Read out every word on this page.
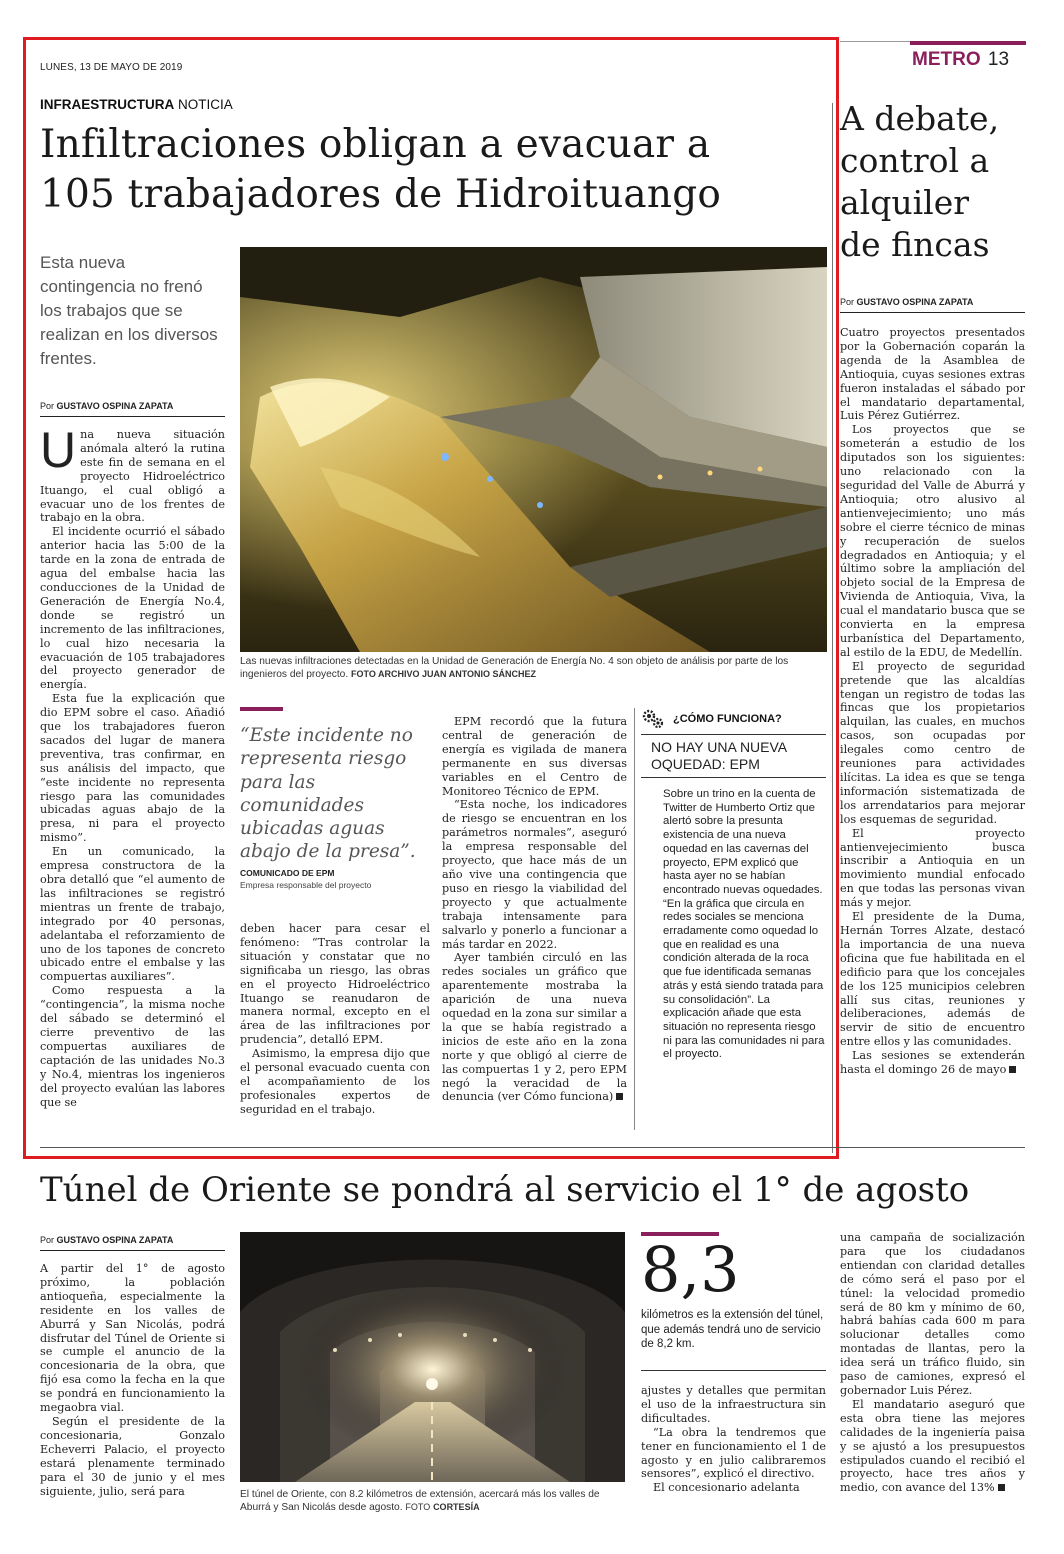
LUNES, 13 DE MAYO DE 2019	METRO 13
INFRAESTRUCTURA NOTICIA
Infiltraciones obligan a evacuar a
105 trabajadores de Hidroituango
Esta nueva contingencia no frenó los trabajos que se realizan en los diversos frentes.
Por GUSTAVO OSPINA ZAPATA
U na nueva situación anómala alteró la rutina este fin de semana en el proyecto Hidroeléctrico Ituango, el cual obligó a evacuar uno de los frentes de trabajo en la obra.

El incidente ocurrió el sábado anterior hacia las 5:00 de la tarde en la zona de entrada de agua del embalse hacia las conducciones de la Unidad de Generación de Energía No.4, donde se registró un incremento de las infiltraciones, lo cual hizo necesaria la evacuación de 105 trabajadores del proyecto generador de energía.

Esta fue la explicación que dio EPM sobre el caso. Añadió que los trabajadores fueron sacados del lugar de manera preventiva, tras confirmar, en sus análisis del impacto, que “este incidente no representa riesgo para las comunidades ubicadas aguas abajo de la presa, ni para el proyecto mismo”.

En un comunicado, la empresa constructora de la obra detalló que “el aumento de las infiltraciones se registró mientras un frente de trabajo, integrado por 40 personas, adelantaba el reforzamiento de uno de los tapones de concreto ubicado entre el embalse y las compuertas auxiliares”.

Como respuesta a la “contingencia”, la misma noche del sábado se determinó el cierre preventivo de las compuertas auxiliares de captación de las unidades No.3 y No.4, mientras los ingenieros del proyecto evalúan las labores que se

Las nuevas infiltraciones detectadas en la Unidad de Generación de Energía No. 4 son objeto de análisis por parte de los ingenieros del proyecto. FOTO ARCHIVO JUAN ANTONIO SÁNCHEZ
“Este incidente no representa riesgo para las comunidades ubicadas aguas abajo de la presa”.
COMUNICADO DE EPM
Empresa responsable del proyecto

deben hacer para cesar el fenómeno: “Tras controlar la situación y constatar que no significaba un riesgo, las obras en el proyecto Hidroeléctrico Ituango se reanudaron de manera normal, excepto en el área de las infiltraciones por prudencia”, detalló EPM.

Asimismo, la empresa dijo que el personal evacuado cuenta con el acompañamiento de los profesionales expertos de seguridad en el trabajo.

EPM recordó que la futura central de generación de energía es vigilada de manera permanente en sus diversas variables en el Centro de Monitoreo Técnico de EPM.

“Esta noche, los indicadores de riesgo se encuentran en los parámetros normales”, aseguró la empresa responsable del proyecto, que hace más de un año vive una contingencia que puso en riesgo la viabilidad del proyecto y que actualmente trabaja intensamente para salvarlo y ponerlo a funcionar a más tardar en 2022.

Ayer también circuló en las redes sociales un gráfico que aparentemente mostraba la aparición de una nueva oquedad en la zona sur similar a la que se había registrado a inicios de este año en la zona norte y que obligó al cierre de las compuertas 1 y 2, pero EPM negó la veracidad de la denuncia (ver Cómo funciona)

¿CÓMO FUNCIONA?
NO HAY UNA NUEVA OQUEDAD: EPM
Sobre un trino en la cuenta de Twitter de Humberto Ortiz que alertó sobre la presunta existencia de una nueva oquedad en las cavernas del proyecto, EPM explicó que hasta ayer no se habían encontrado nuevas oquedades. “En la gráfica que circula en redes sociales se menciona erradamente como oquedad lo que en realidad es una condición alterada de la roca que fue identificada semanas atrás y está siendo tratada para su consolidación”. La explicación añade que esta situación no representa riesgo ni para las comunidades ni para el proyecto.
A debate, control a alquiler de fincas
Por GUSTAVO OSPINA ZAPATA

Cuatro proyectos presentados por la Gobernación coparán la agenda de la Asamblea de Antioquia, cuyas sesiones extras fueron instaladas el sábado por el mandatario departamental, Luis Pérez Gutiérrez.

Los proyectos que se someterán a estudio de los diputados son los siguientes: uno relacionado con la seguridad del Valle de Aburrá y Antioquia; otro alusivo al antienvejecimiento; uno más sobre el cierre técnico de minas y recuperación de suelos degradados en Antioquia; y el último sobre la ampliación del objeto social de la Empresa de Vivienda de Antioquia, Viva, la cual el mandatario busca que se convierta en la empresa urbanística del Departamento, al estilo de la EDU, de Medellín.

El proyecto de seguridad pretende que las alcaldías tengan un registro de todas las fincas que los propietarios alquilan, las cuales, en muchos casos, son ocupadas por ilegales como centro de reuniones para actividades ilícitas. La idea es que se tenga información sistematizada de los arrendatarios para mejorar los esquemas de seguridad.

El proyecto antienvejecimiento busca inscribir a Antioquia en un movimiento mundial enfocado en que todas las personas vivan más y mejor.

El presidente de la Duma, Hernán Torres Alzate, destacó la importancia de una nueva oficina que fue habilitada en el edificio para que los concejales de los 125 municipios celebren allí sus citas, reuniones y deliberaciones, además de servir de sitio de encuentro entre ellos y las comunidades.

Las sesiones se extenderán hasta el domingo 26 de mayo

Túnel de Oriente se pondrá al servicio el 1° de agosto
Por GUSTAVO OSPINA ZAPATA

A partir del 1° de agosto próximo, la población antioqueña, especialmente la residente en los valles de Aburrá y San Nicolás, podrá disfrutar del Túnel de Oriente si se cumple el anuncio de la concesionaria de la obra, que fijó esa como la fecha en la que se pondrá en funcionamiento la megaobra vial.

Según el presidente de la concesionaria, Gonzalo Echeverri Palacio, el proyecto estará plenamente terminado para el 30 de junio y el mes siguiente, julio, será para	El túnel de Oriente, con 8.2 kilómetros de extensión, acercará más los valles de Aburrá y San Nicolás desde agosto. FOTO CORTESÍA
8,3
kilómetros es la extensión del túnel, que además tendrá uno de servicio de 8,2 km.

ajustes y detalles que permitan el uso de la infraestructura sin dificultades.

“La obra la tendremos que tener en funcionamiento el 1 de agosto y en julio calibraremos sensores”, explicó el directivo.

El concesionario adelanta

una campaña de socialización para que los ciudadanos entiendan con claridad detalles de cómo será el paso por el túnel: la velocidad promedio será de 80 km y mínimo de 60, habrá bahías cada 600 m para solucionar detalles como montadas de llantas, pero la idea será un tráfico fluido, sin paso de camiones, expresó el gobernador Luis Pérez.

El mandatario aseguró que esta obra tiene las mejores calidades de la ingeniería paisa y se ajustó a los presupuestos estipulados cuando el recibió el proyecto, hace tres años y medio, con avance del 13%
